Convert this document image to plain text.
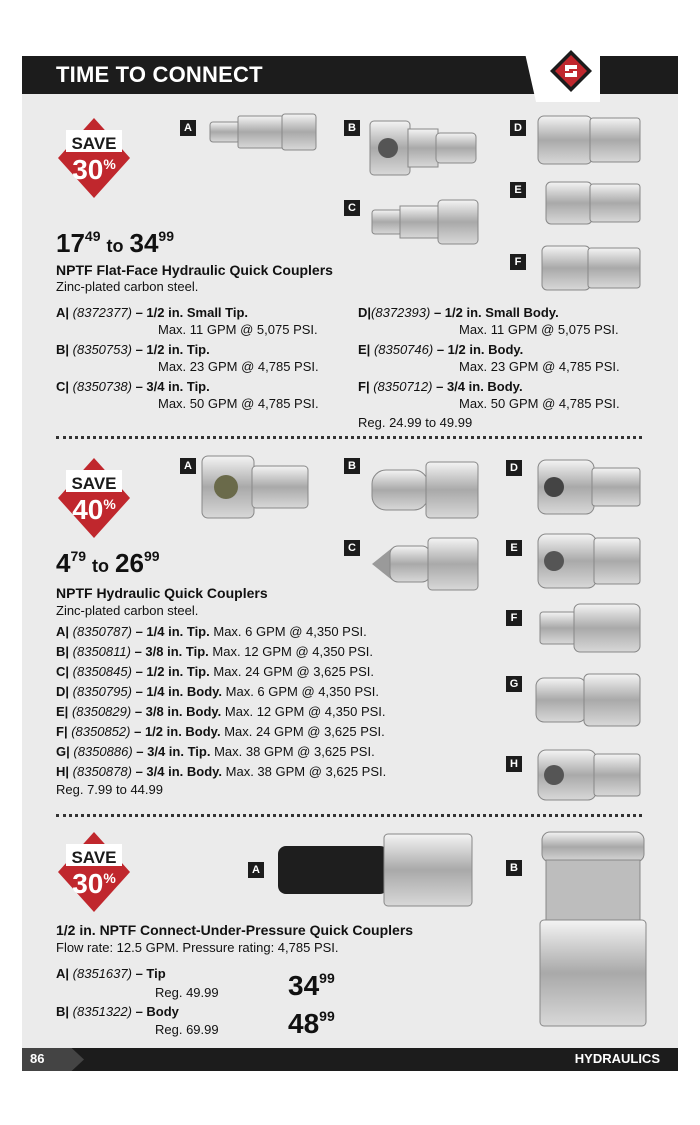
TIME TO CONNECT
SAVE
30%
$17^{49}$ to $34^{99}$
NPTF Flat-Face Hydraulic Quick Couplers
Zinc-plated carbon steel.
A| (8372377) – 1/2 in. Small Tip.
Max. 11 GPM @ 5,075 PSI.
B| (8350753) – 1/2 in. Tip.
Max. 23 GPM @ 4,785 PSI.
C| (8350738) – 3/4 in. Tip.
Max. 50 GPM @ 4,785 PSI.
D|(8372393) – 1/2 in. Small Body.
Max. 11 GPM @ 5,075 PSI.
E| (8350746) – 1/2 in. Body.
Max. 23 GPM @ 4,785 PSI.
F| (8350712) – 3/4 in. Body.
Max. 50 GPM @ 4,785 PSI.
Reg. 24.99 to 49.99
A	B
C
D
E
F
SAVE
40%
$4^{79}$ to $26^{99}$
NPTF Hydraulic Quick Couplers
Zinc-plated carbon steel.
A| (8350787) – 1/4 in. Tip. Max. 6 GPM @ 4,350 PSI.
B| (8350811) – 3/8 in. Tip. Max. 12 GPM @ 4,350 PSI.
C| (8350845) – 1/2 in. Tip. Max. 24 GPM @ 3,625 PSI.
D| (8350795) – 1/4 in. Body. Max. 6 GPM @ 4,350 PSI.
E| (8350829) – 3/8 in. Body. Max. 12 GPM @ 4,350 PSI.
F| (8350852) – 1/2 in. Body. Max. 24 GPM @ 3,625 PSI.
G| (8350886) – 3/4 in. Tip. Max. 38 GPM @ 3,625 PSI.
H| (8350878) – 3/4 in. Body. Max. 38 GPM @ 3,625 PSI.
Reg. 7.99 to 44.99
A	B
C
D
E
F
G
H
SAVE
30%	A	B
1/2 in. NPTF Connect-Under-Pressure Quick Couplers
Flow rate: 12.5 GPM. Pressure rating: 4,785 PSI.
A| (8351637) – Tip
Reg. 49.99 $34^{99}$
B| (8351322) – Body
Reg. 69.99 $48^{99}$
86	HYDRAULICS
